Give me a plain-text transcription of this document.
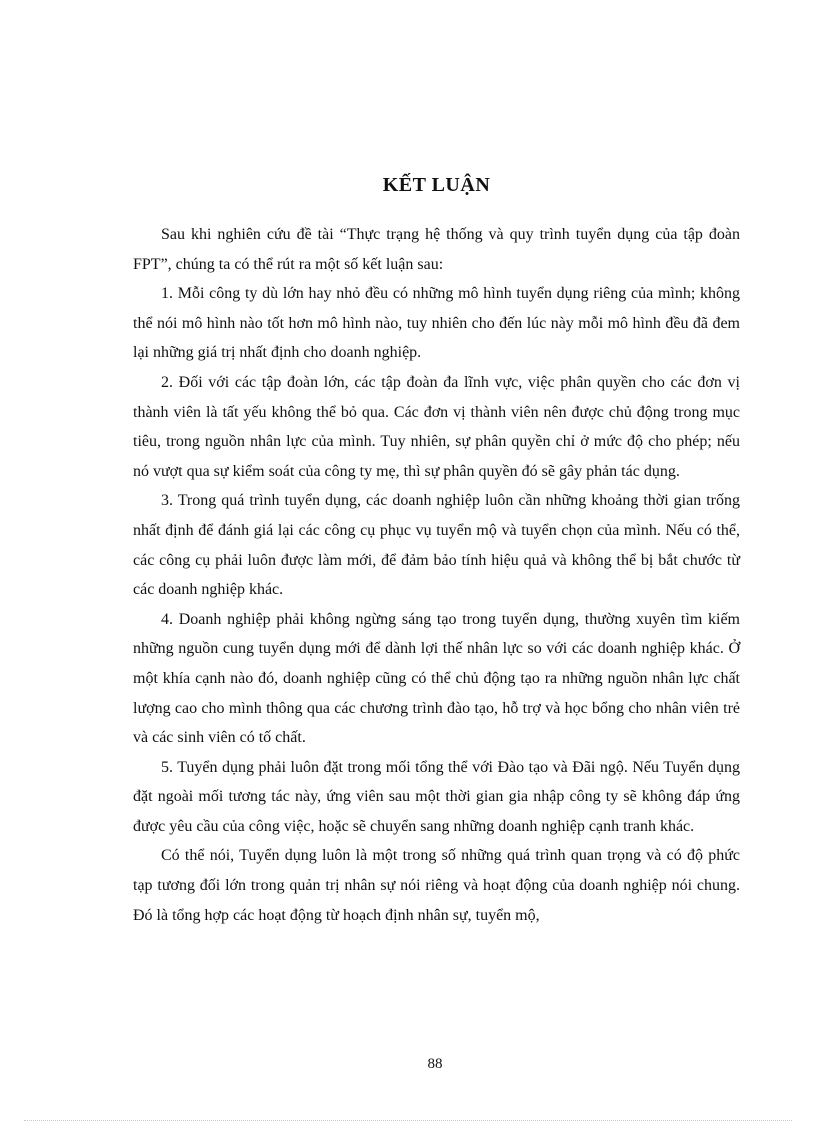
KẾT LUẬN

Sau khi nghiên cứu đề tài “Thực trạng hệ thống và quy trình tuyển dụng của tập đoàn FPT”, chúng ta có thể rút ra một số kết luận sau:

1. Mỗi công ty dù lớn hay nhỏ đều có những mô hình tuyển dụng riêng của mình; không thể nói mô hình nào tốt hơn mô hình nào, tuy nhiên cho đến lúc này mỗi mô hình đều đã đem lại những giá trị nhất định cho doanh nghiệp.

2. Đối với các tập đoàn lớn, các tập đoàn đa lĩnh vực, việc phân quyền cho các đơn vị thành viên là tất yếu không thể bỏ qua. Các đơn vị thành viên nên được chủ động trong mục tiêu, trong nguồn nhân lực của mình. Tuy nhiên, sự phân quyền chỉ ở mức độ cho phép; nếu nó vượt qua sự kiểm soát của công ty mẹ, thì sự phân quyền đó sẽ gây phản tác dụng.

3. Trong quá trình tuyển dụng, các doanh nghiệp luôn cần những khoảng thời gian trống nhất định để đánh giá lại các công cụ phục vụ tuyển mộ và tuyển chọn của mình. Nếu có thể, các công cụ phải luôn được làm mới, để đảm bảo tính hiệu quả và không thể bị bắt chước từ các doanh nghiệp khác.

4. Doanh nghiệp phải không ngừng sáng tạo trong tuyển dụng, thường xuyên tìm kiếm những nguồn cung tuyển dụng mới để dành lợi thế nhân lực so với các doanh nghiệp khác. Ở một khía cạnh nào đó, doanh nghiệp cũng có thể chủ động tạo ra những nguồn nhân lực chất lượng cao cho mình thông qua các chương trình đào tạo, hỗ trợ và học bổng cho nhân viên trẻ và các sinh viên có tố chất.

5. Tuyển dụng phải luôn đặt trong mối tổng thể với Đào tạo và Đãi ngộ. Nếu Tuyển dụng đặt ngoài mối tương tác này, ứng viên sau một thời gian gia nhập công ty sẽ không đáp ứng được yêu cầu của công việc, hoặc sẽ chuyển sang những doanh nghiệp cạnh tranh khác.

Có thể nói, Tuyển dụng luôn là một trong số những quá trình quan trọng và có độ phức tạp tương đối lớn trong quản trị nhân sự nói riêng và hoạt động của doanh nghiệp nói chung. Đó là tổng hợp các hoạt động từ hoạch định nhân sự, tuyển mộ,

88
